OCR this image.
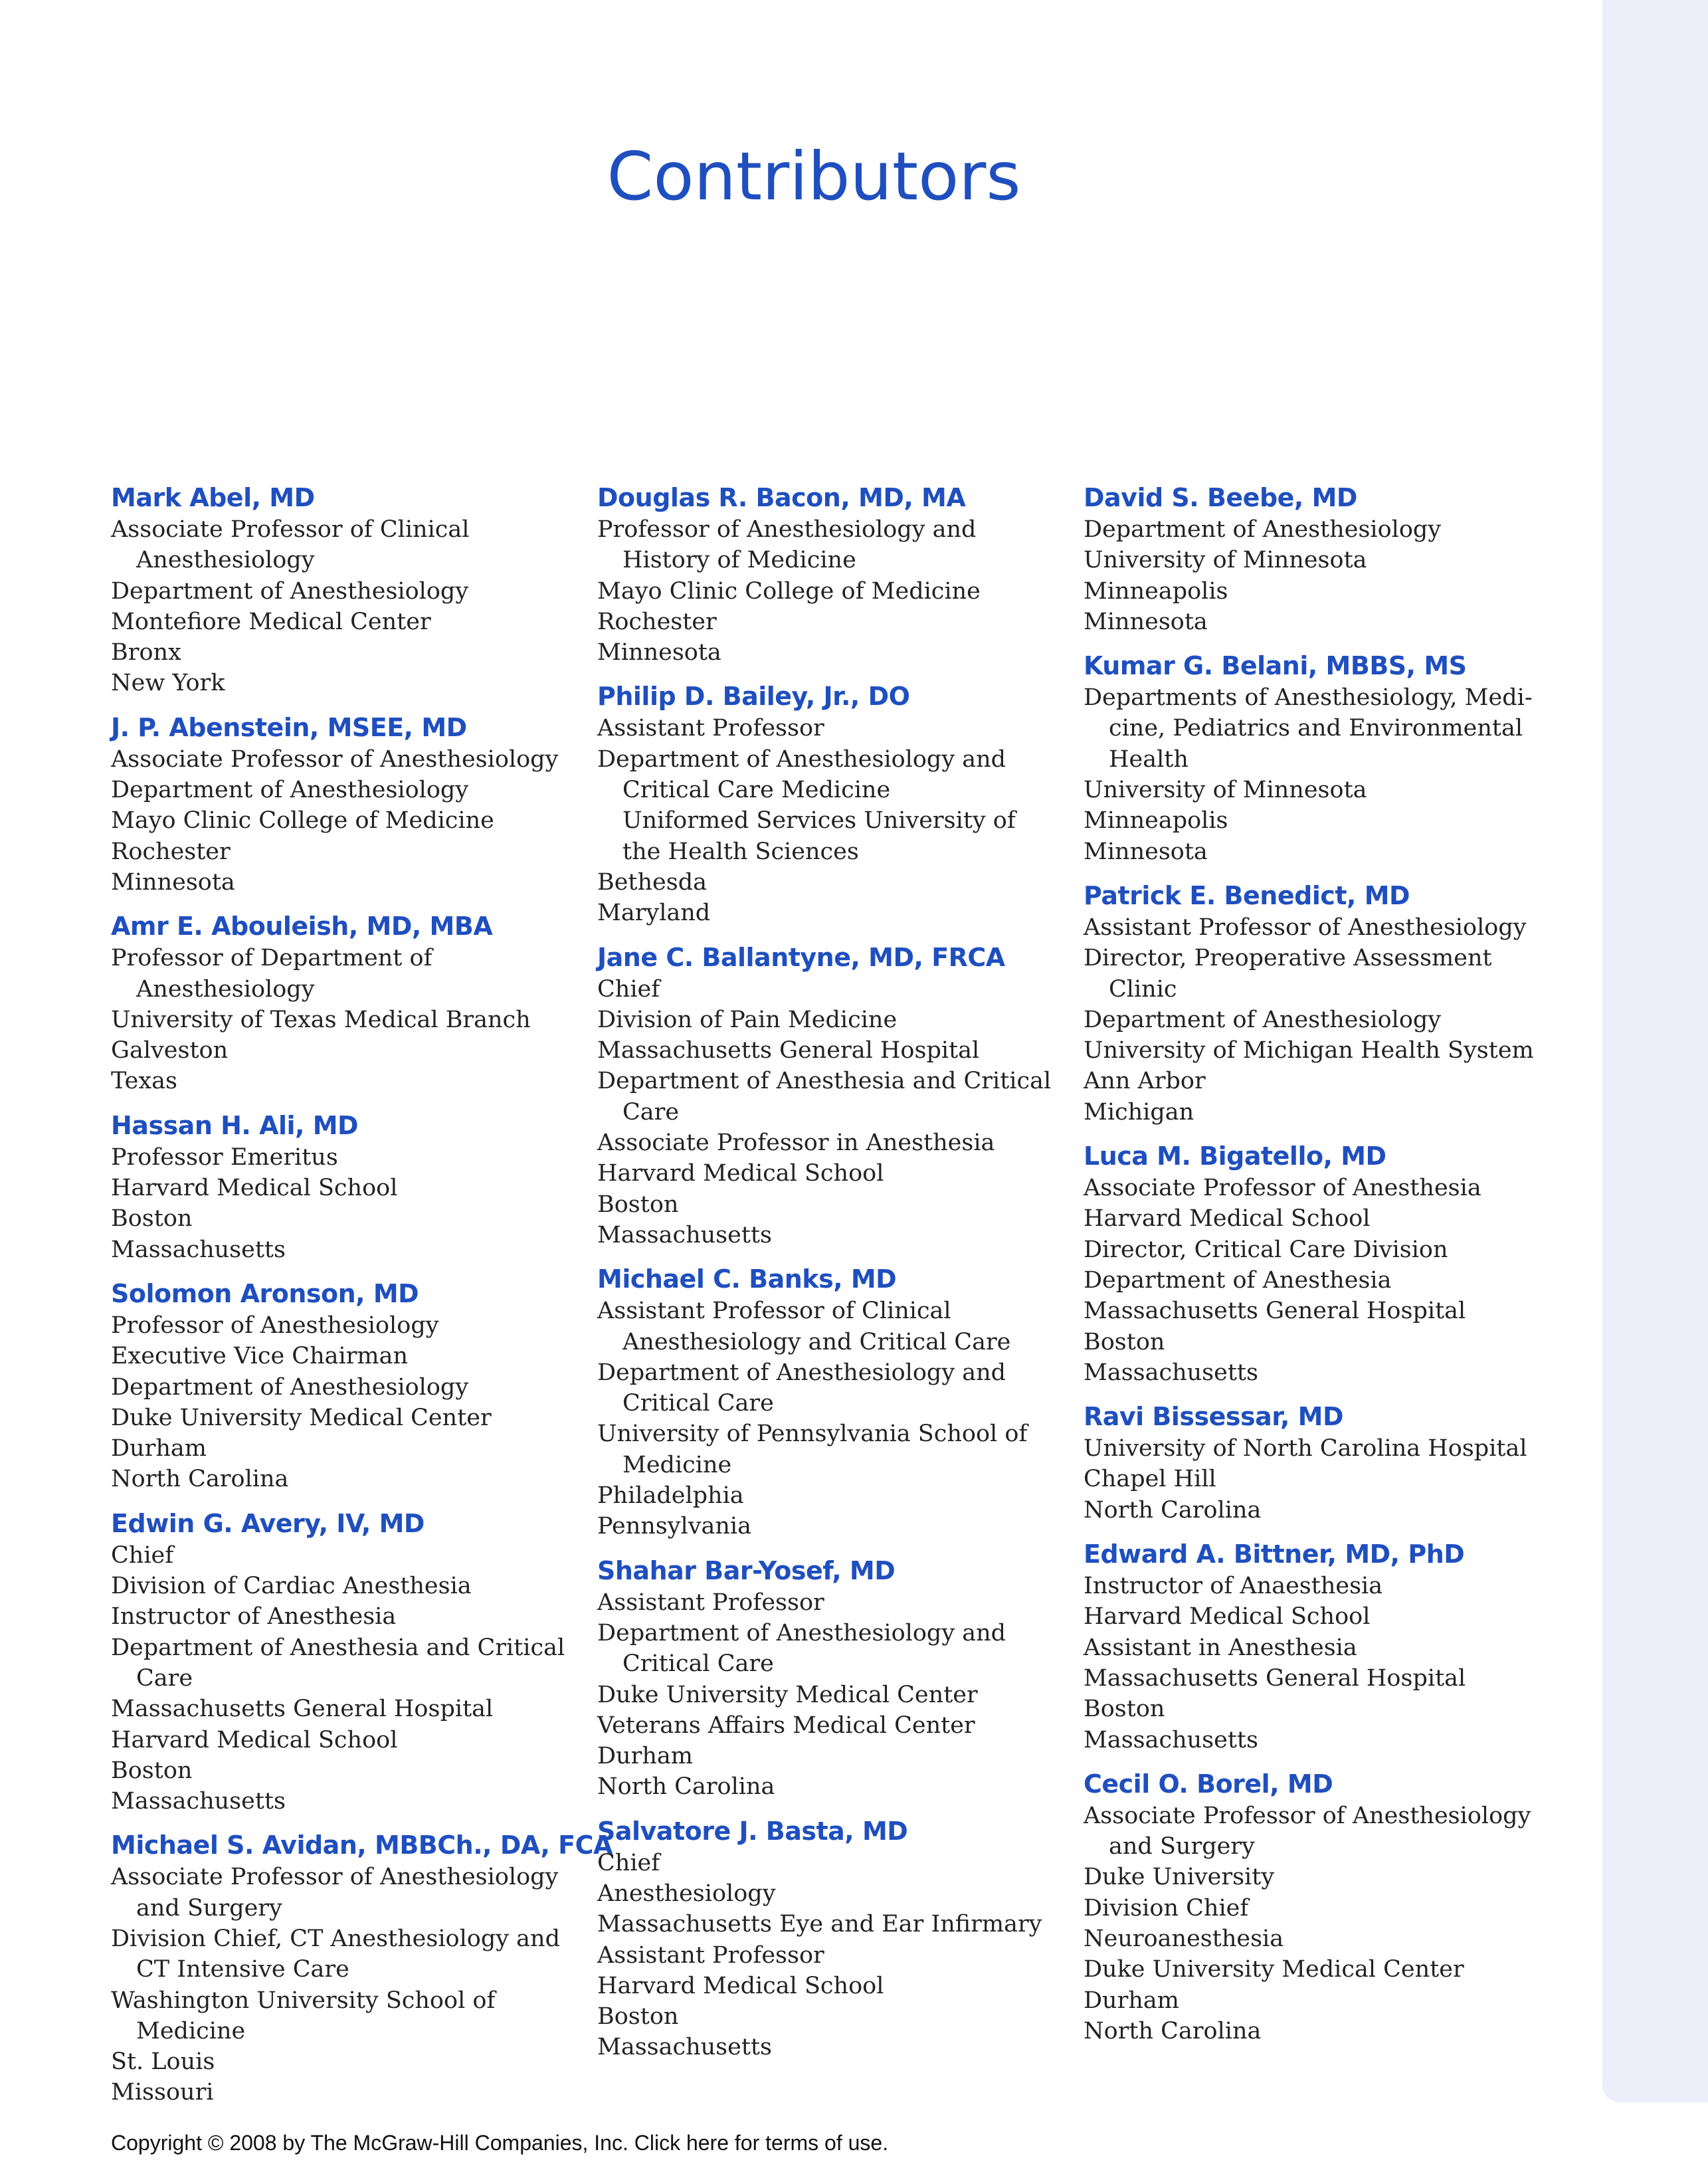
Contributors
Mark Abel, MD
Associate Professor of Clinical
Anesthesiology
Department of Anesthesiology
Montefiore Medical Center
Bronx
New York
J. P. Abenstein, MSEE, MD
Associate Professor of Anesthesiology
Department of Anesthesiology
Mayo Clinic College of Medicine
Rochester
Minnesota
Amr E. Abouleish, MD, MBA
Professor of Department of
Anesthesiology
University of Texas Medical Branch
Galveston
Texas
Hassan H. Ali, MD
Professor Emeritus
Harvard Medical School
Boston
Massachusetts
Solomon Aronson, MD
Professor of Anesthesiology
Executive Vice Chairman
Department of Anesthesiology
Duke University Medical Center
Durham
North Carolina
Edwin G. Avery, IV, MD
Chief
Division of Cardiac Anesthesia
Instructor of Anesthesia
Department of Anesthesia and Critical
Care
Massachusetts General Hospital
Harvard Medical School
Boston
Massachusetts
Michael S. Avidan, MBBCh., DA, FCA
Associate Professor of Anesthesiology
and Surgery
Division Chief, CT Anesthesiology and
CT Intensive Care
Washington University School of
Medicine
St. Louis
Missouri
Douglas R. Bacon, MD, MA
Professor of Anesthesiology and
History of Medicine
Mayo Clinic College of Medicine
Rochester
Minnesota
Philip D. Bailey, Jr., DO
Assistant Professor
Department of Anesthesiology and
Critical Care Medicine
Uniformed Services University of
the Health Sciences
Bethesda
Maryland
Jane C. Ballantyne, MD, FRCA
Chief
Division of Pain Medicine
Massachusetts General Hospital
Department of Anesthesia and Critical
Care
Associate Professor in Anesthesia
Harvard Medical School
Boston
Massachusetts
Michael C. Banks, MD
Assistant Professor of Clinical
Anesthesiology and Critical Care
Department of Anesthesiology and
Critical Care
University of Pennsylvania School of
Medicine
Philadelphia
Pennsylvania
Shahar Bar-Yosef, MD
Assistant Professor
Department of Anesthesiology and
Critical Care
Duke University Medical Center
Veterans Affairs Medical Center
Durham
North Carolina
Salvatore J. Basta, MD
Chief
Anesthesiology
Massachusetts Eye and Ear Infirmary
Assistant Professor
Harvard Medical School
Boston
Massachusetts
David S. Beebe, MD
Department of Anesthesiology
University of Minnesota
Minneapolis
Minnesota
Kumar G. Belani, MBBS, MS
Departments of Anesthesiology, Medi-
cine, Pediatrics and Environmental
Health
University of Minnesota
Minneapolis
Minnesota
Patrick E. Benedict, MD
Assistant Professor of Anesthesiology
Director, Preoperative Assessment
Clinic
Department of Anesthesiology
University of Michigan Health System
Ann Arbor
Michigan
Luca M. Bigatello, MD
Associate Professor of Anesthesia
Harvard Medical School
Director, Critical Care Division
Department of Anesthesia
Massachusetts General Hospital
Boston
Massachusetts
Ravi Bissessar, MD
University of North Carolina Hospital
Chapel Hill
North Carolina
Edward A. Bittner, MD, PhD
Instructor of Anaesthesia
Harvard Medical School
Assistant in Anesthesia
Massachusetts General Hospital
Boston
Massachusetts
Cecil O. Borel, MD
Associate Professor of Anesthesiology
and Surgery
Duke University
Division Chief
Neuroanesthesia
Duke University Medical Center
Durham
North Carolina
Copyright © 2008 by The McGraw-Hill Companies, Inc. Click here for terms of use.
